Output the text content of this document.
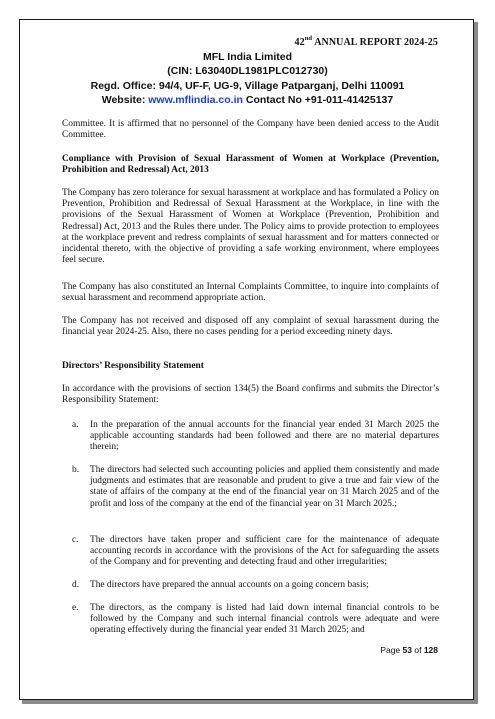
42nd ANNUAL REPORT 2024-25
MFL India Limited
(CIN: L63040DL1981PLC012730)
Regd. Office: 94/4, UF-F, UG-9, Village Patparganj, Delhi 110091
Website: www.mflindia.co.in Contact No +91-011-41425137
Committee. It is affirmed that no personnel of the Company have been denied access to the Audit Committee.
Compliance with Provision of Sexual Harassment of Women at Workplace (Prevention, Prohibition and Redressal) Act, 2013
The Company has zero tolerance for sexual harassment at workplace and has formulated a Policy on Prevention, Prohibition and Redressal of Sexual Harassment at the Workplace, in line with the provisions of the Sexual Harassment of Women at Workplace (Prevention, Prohibition and Redressal) Act, 2013 and the Rules there under. The Policy aims to provide protection to employees at the workplace prevent and redress complaints of sexual harassment and for matters connected or incidental thereto, with the objective of providing a safe working environment, where employees feel secure.
The Company has also constituted an Internal Complaints Committee, to inquire into complaints of sexual harassment and recommend appropriate action.
The Company has not received and disposed off any complaint of sexual harassment during the financial year 2024-25. Also, there no cases pending for a period exceeding ninety days.
Directors’ Responsibility Statement
In accordance with the provisions of section 134(5) the Board confirms and submits the Director’s Responsibility Statement:
a. In the preparation of the annual accounts for the financial year ended 31 March 2025 the applicable accounting standards had been followed and there are no material departures therein;
b. The directors had selected such accounting policies and applied them consistently and made judgments and estimates that are reasonable and prudent to give a true and fair view of the state of affairs of the company at the end of the financial year on 31 March 2025 and of the profit and loss of the company at the end of the financial year on 31 March 2025.;
c. The directors have taken proper and sufficient care for the maintenance of adequate accounting records in accordance with the provisions of the Act for safeguarding the assets of the Company and for preventing and detecting fraud and other irregularities;
d. The directors have prepared the annual accounts on a going concern basis;
e. The directors, as the company is listed had laid down internal financial controls to be followed by the Company and such internal financial controls were adequate and were operating effectively during the financial year ended 31 March 2025; and
Page 53 of 128
